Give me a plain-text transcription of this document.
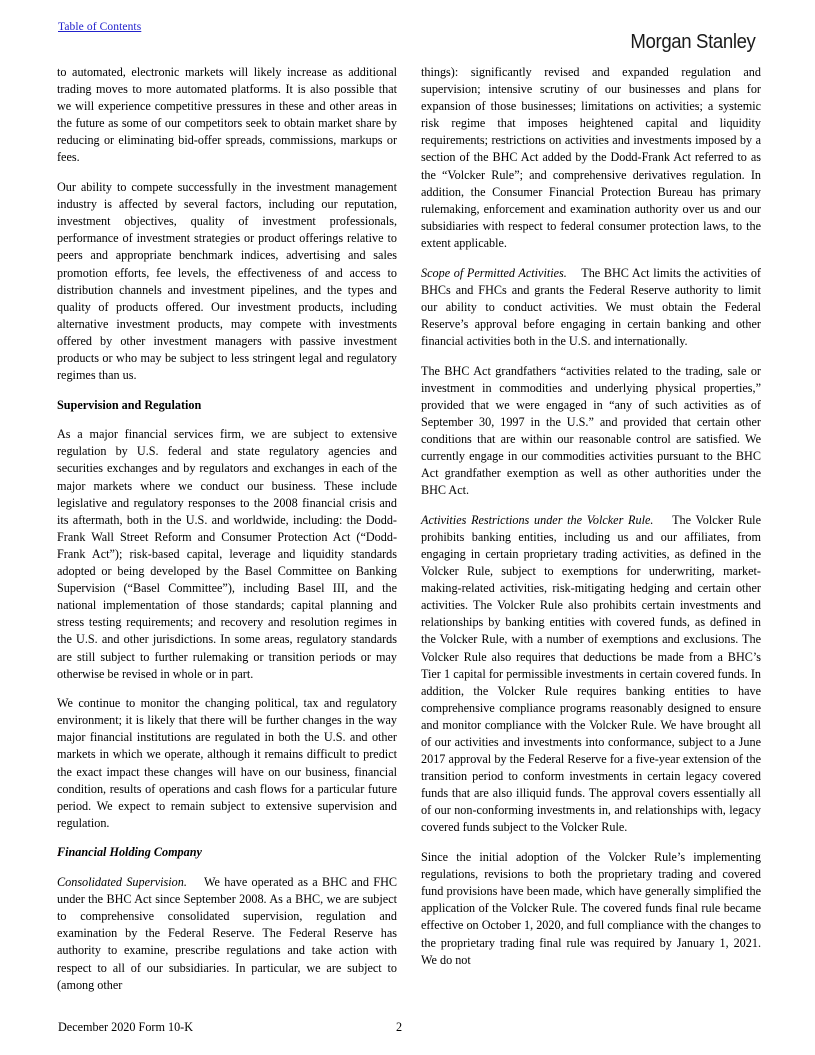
Table of Contents
Morgan Stanley

to automated, electronic markets will likely increase as additional trading moves to more automated platforms. It is also possible that we will experience competitive pressures in these and other areas in the future as some of our competitors seek to obtain market share by reducing or eliminating bid-offer spreads, commissions, markups or fees.

Our ability to compete successfully in the investment management industry is affected by several factors, including our reputation, investment objectives, quality of investment professionals, performance of investment strategies or product offerings relative to peers and appropriate benchmark indices, advertising and sales promotion efforts, fee levels, the effectiveness of and access to distribution channels and investment pipelines, and the types and quality of products offered. Our investment products, including alternative investment products, may compete with investments offered by other investment managers with passive investment products or who may be subject to less stringent legal and regulatory regimes than us.

Supervision and Regulation

As a major financial services firm, we are subject to extensive regulation by U.S. federal and state regulatory agencies and securities exchanges and by regulators and exchanges in each of the major markets where we conduct our business. These include legislative and regulatory responses to the 2008 financial crisis and its aftermath, both in the U.S. and worldwide, including: the Dodd-Frank Wall Street Reform and Consumer Protection Act (“Dodd-Frank Act”); risk-based capital, leverage and liquidity standards adopted or being developed by the Basel Committee on Banking Supervision (“Basel Committee”), including Basel III, and the national implementation of those standards; capital planning and stress testing requirements; and recovery and resolution regimes in the U.S. and other jurisdictions. In some areas, regulatory standards are still subject to further rulemaking or transition periods or may otherwise be revised in whole or in part.

We continue to monitor the changing political, tax and regulatory environment; it is likely that there will be further changes in the way major financial institutions are regulated in both the U.S. and other markets in which we operate, although it remains difficult to predict the exact impact these changes will have on our business, financial condition, results of operations and cash flows for a particular future period. We expect to remain subject to extensive supervision and regulation.

Financial Holding Company

Consolidated Supervision. We have operated as a BHC and FHC under the BHC Act since September 2008. As a BHC, we are subject to comprehensive consolidated supervision, regulation and examination by the Federal Reserve. The Federal Reserve has authority to examine, prescribe regulations and take action with respect to all of our subsidiaries. In particular, we are subject to (among other

things): significantly revised and expanded regulation and supervision; intensive scrutiny of our businesses and plans for expansion of those businesses; limitations on activities; a systemic risk regime that imposes heightened capital and liquidity requirements; restrictions on activities and investments imposed by a section of the BHC Act added by the Dodd-Frank Act referred to as the “Volcker Rule”; and comprehensive derivatives regulation. In addition, the Consumer Financial Protection Bureau has primary rulemaking, enforcement and examination authority over us and our subsidiaries with respect to federal consumer protection laws, to the extent applicable.

Scope of Permitted Activities. The BHC Act limits the activities of BHCs and FHCs and grants the Federal Reserve authority to limit our ability to conduct activities. We must obtain the Federal Reserve’s approval before engaging in certain banking and other financial activities both in the U.S. and internationally.

The BHC Act grandfathers “activities related to the trading, sale or investment in commodities and underlying physical properties,” provided that we were engaged in “any of such activities as of September 30, 1997 in the U.S.” and provided that certain other conditions that are within our reasonable control are satisfied. We currently engage in our commodities activities pursuant to the BHC Act grandfather exemption as well as other authorities under the BHC Act.

Activities Restrictions under the Volcker Rule. The Volcker Rule prohibits banking entities, including us and our affiliates, from engaging in certain proprietary trading activities, as defined in the Volcker Rule, subject to exemptions for underwriting, market-making-related activities, risk-mitigating hedging and certain other activities. The Volcker Rule also prohibits certain investments and relationships by banking entities with covered funds, as defined in the Volcker Rule, with a number of exemptions and exclusions. The Volcker Rule also requires that deductions be made from a BHC’s Tier 1 capital for permissible investments in certain covered funds. In addition, the Volcker Rule requires banking entities to have comprehensive compliance programs reasonably designed to ensure and monitor compliance with the Volcker Rule. We have brought all of our activities and investments into conformance, subject to a June 2017 approval by the Federal Reserve for a five-year extension of the transition period to conform investments in certain legacy covered funds that are also illiquid funds. The approval covers essentially all of our non-conforming investments in, and relationships with, legacy covered funds subject to the Volcker Rule.

Since the initial adoption of the Volcker Rule’s implementing regulations, revisions to both the proprietary trading and covered fund provisions have been made, which have generally simplified the application of the Volcker Rule. The covered funds final rule became effective on October 1, 2020, and full compliance with the changes to the proprietary trading final rule was required by January 1, 2021. We do not

December 2020 Form 10-K	2
